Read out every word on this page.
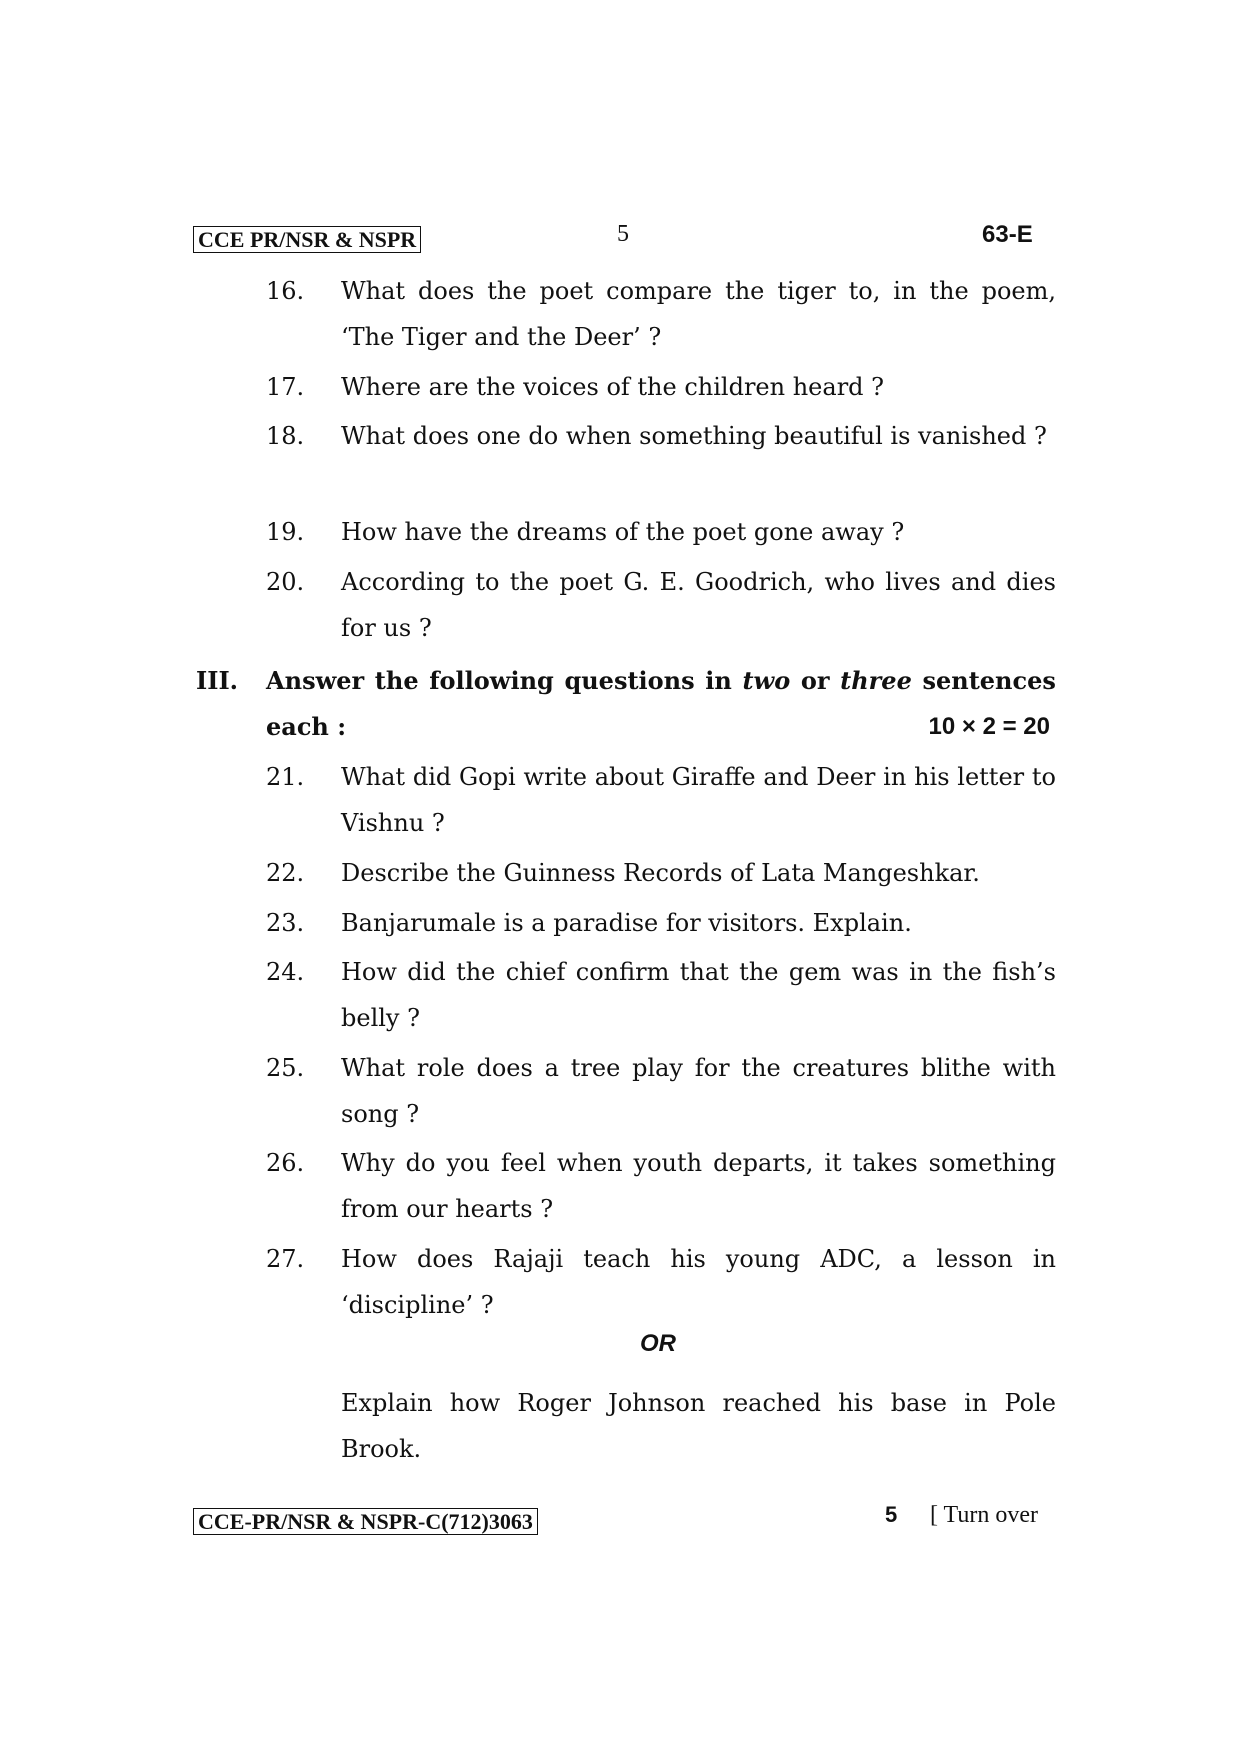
CCE PR/NSR & NSPR	5	63-E
16. What does the poet compare the tiger to, in the poem, ‘The Tiger and the Deer’ ?
17. Where are the voices of the children heard ?
18. What does one do when something beautiful is vanished ?
19. How have the dreams of the poet gone away ?
20. According to the poet G. E. Goodrich, who lives and dies for us ?
III. Answer the following questions in two or three sentences
each :	10 × 2 = 20
21. What did Gopi write about Giraffe and Deer in his letter to Vishnu ?
22. Describe the Guinness Records of Lata Mangeshkar.
23. Banjarumale is a paradise for visitors. Explain.
24. How did the chief confirm that the gem was in the fish’s belly ?
25. What role does a tree play for the creatures blithe with song ?
26. Why do you feel when youth departs, it takes something from our hearts ?
27. How does Rajaji teach his young ADC, a lesson in ‘discipline’ ?
OR
Explain how Roger Johnson reached his base in Pole Brook.
CCE-PR/NSR & NSPR-C(712)3063	5 [ Turn over
